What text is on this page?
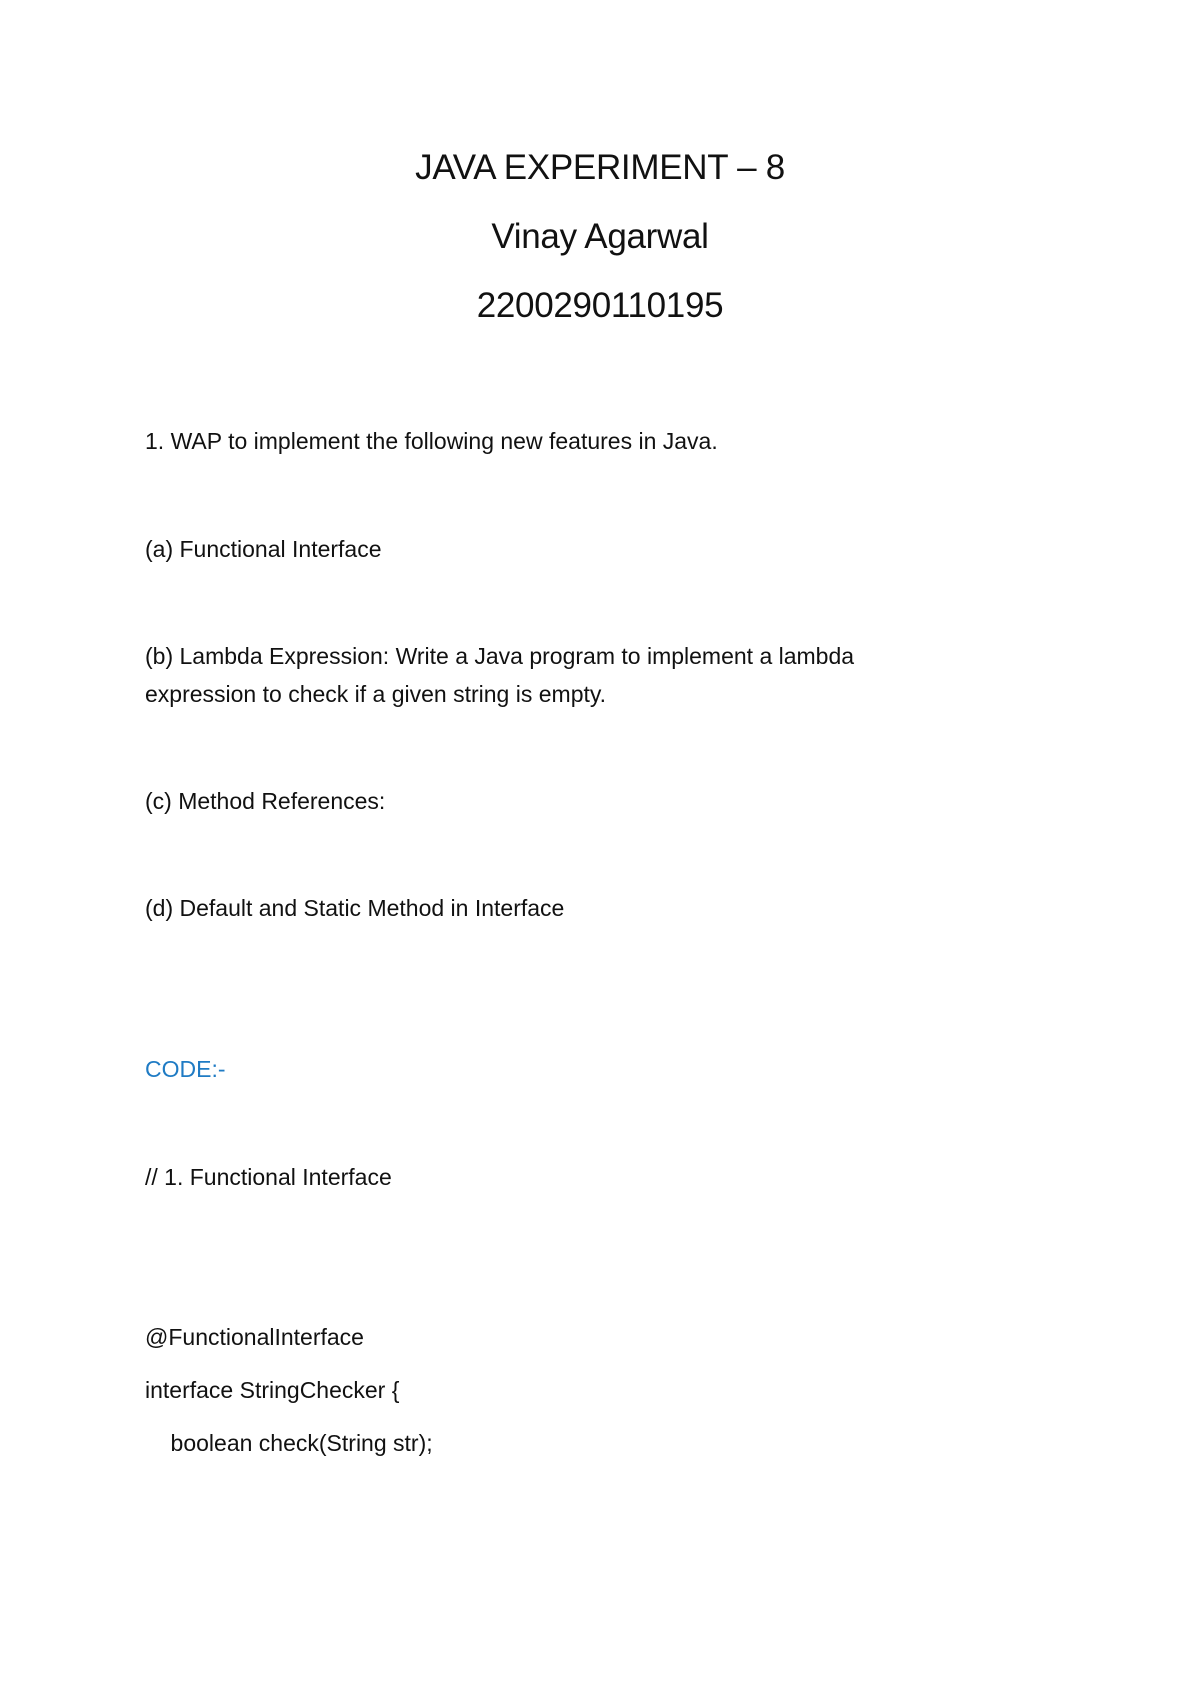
JAVA EXPERIMENT – 8
Vinay Agarwal
2200290110195
1. WAP to implement the following new features in Java.
(a) Functional Interface
(b) Lambda Expression: Write a Java program to implement a lambda
expression to check if a given string is empty.
(c) Method References:
(d) Default and Static Method in Interface
CODE:-
// 1. Functional Interface
@FunctionalInterface
interface StringChecker {
boolean check(String str);
